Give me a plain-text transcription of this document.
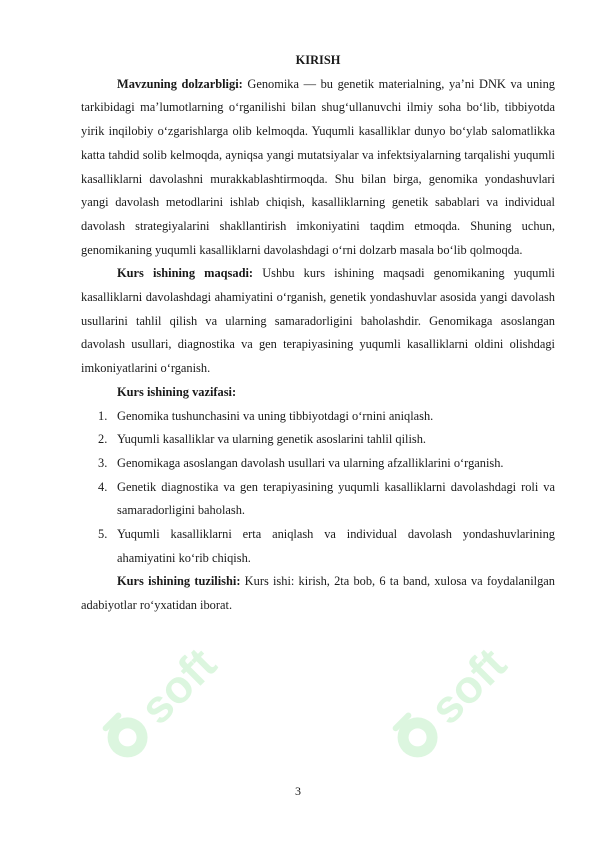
KIRISH

Mavzuning dolzarbligi: Genomika — bu genetik materialning, ya’ni DNK va uning tarkibidagi ma’lumotlarning o‘rganilishi bilan shug‘ullanuvchi ilmiy soha bo‘lib, tibbiyotda yirik inqilobiy o‘zgarishlarga olib kelmoqda. Yuqumli kasalliklar dunyo bo‘ylab salomatlikka katta tahdid solib kelmoqda, ayniqsa yangi mutatsiyalar va infektsiyalarning tarqalishi yuqumli kasalliklarni davolashni murakkablashtirmoqda. Shu bilan birga, genomika yondashuvlari yangi davolash metodlarini ishlab chiqish, kasalliklarning genetik sabablari va individual davolash strategiyalarini shakllantirish imkoniyatini taqdim etmoqda. Shuning uchun, genomikaning yuqumli kasalliklarni davolashdagi o‘rni dolzarb masala bo‘lib qolmoqda.

Kurs ishining maqsadi: Ushbu kurs ishining maqsadi genomikaning yuqumli kasalliklarni davolashdagi ahamiyatini o‘rganish, genetik yondashuvlar asosida yangi davolash usullarini tahlil qilish va ularning samaradorligini baholashdir. Genomikaga asoslangan davolash usullari, diagnostika va gen terapiyasining yuqumli kasalliklarni oldini olishdagi imkoniyatlarini o‘rganish.

Kurs ishining vazifasi:

1. Genomika tushunchasini va uning tibbiyotdagi o‘rnini aniqlash.
2. Yuqumli kasalliklar va ularning genetik asoslarini tahlil qilish.
3. Genomikaga asoslangan davolash usullari va ularning afzalliklarini o‘rganish.
4. Genetik diagnostika va gen terapiyasining yuqumli kasalliklarni davolashdagi roli va samaradorligini baholash.
5. Yuqumli kasalliklarni erta aniqlash va individual davolash yondashuvlarining ahamiyatini ko‘rib chiqish.

Kurs ishining tuzilishi: Kurs ishi: kirish, 2ta bob, 6 ta band, xulosa va foydalanilgan adabiyotlar ro‘yxatidan iborat.

soft	soft
3
